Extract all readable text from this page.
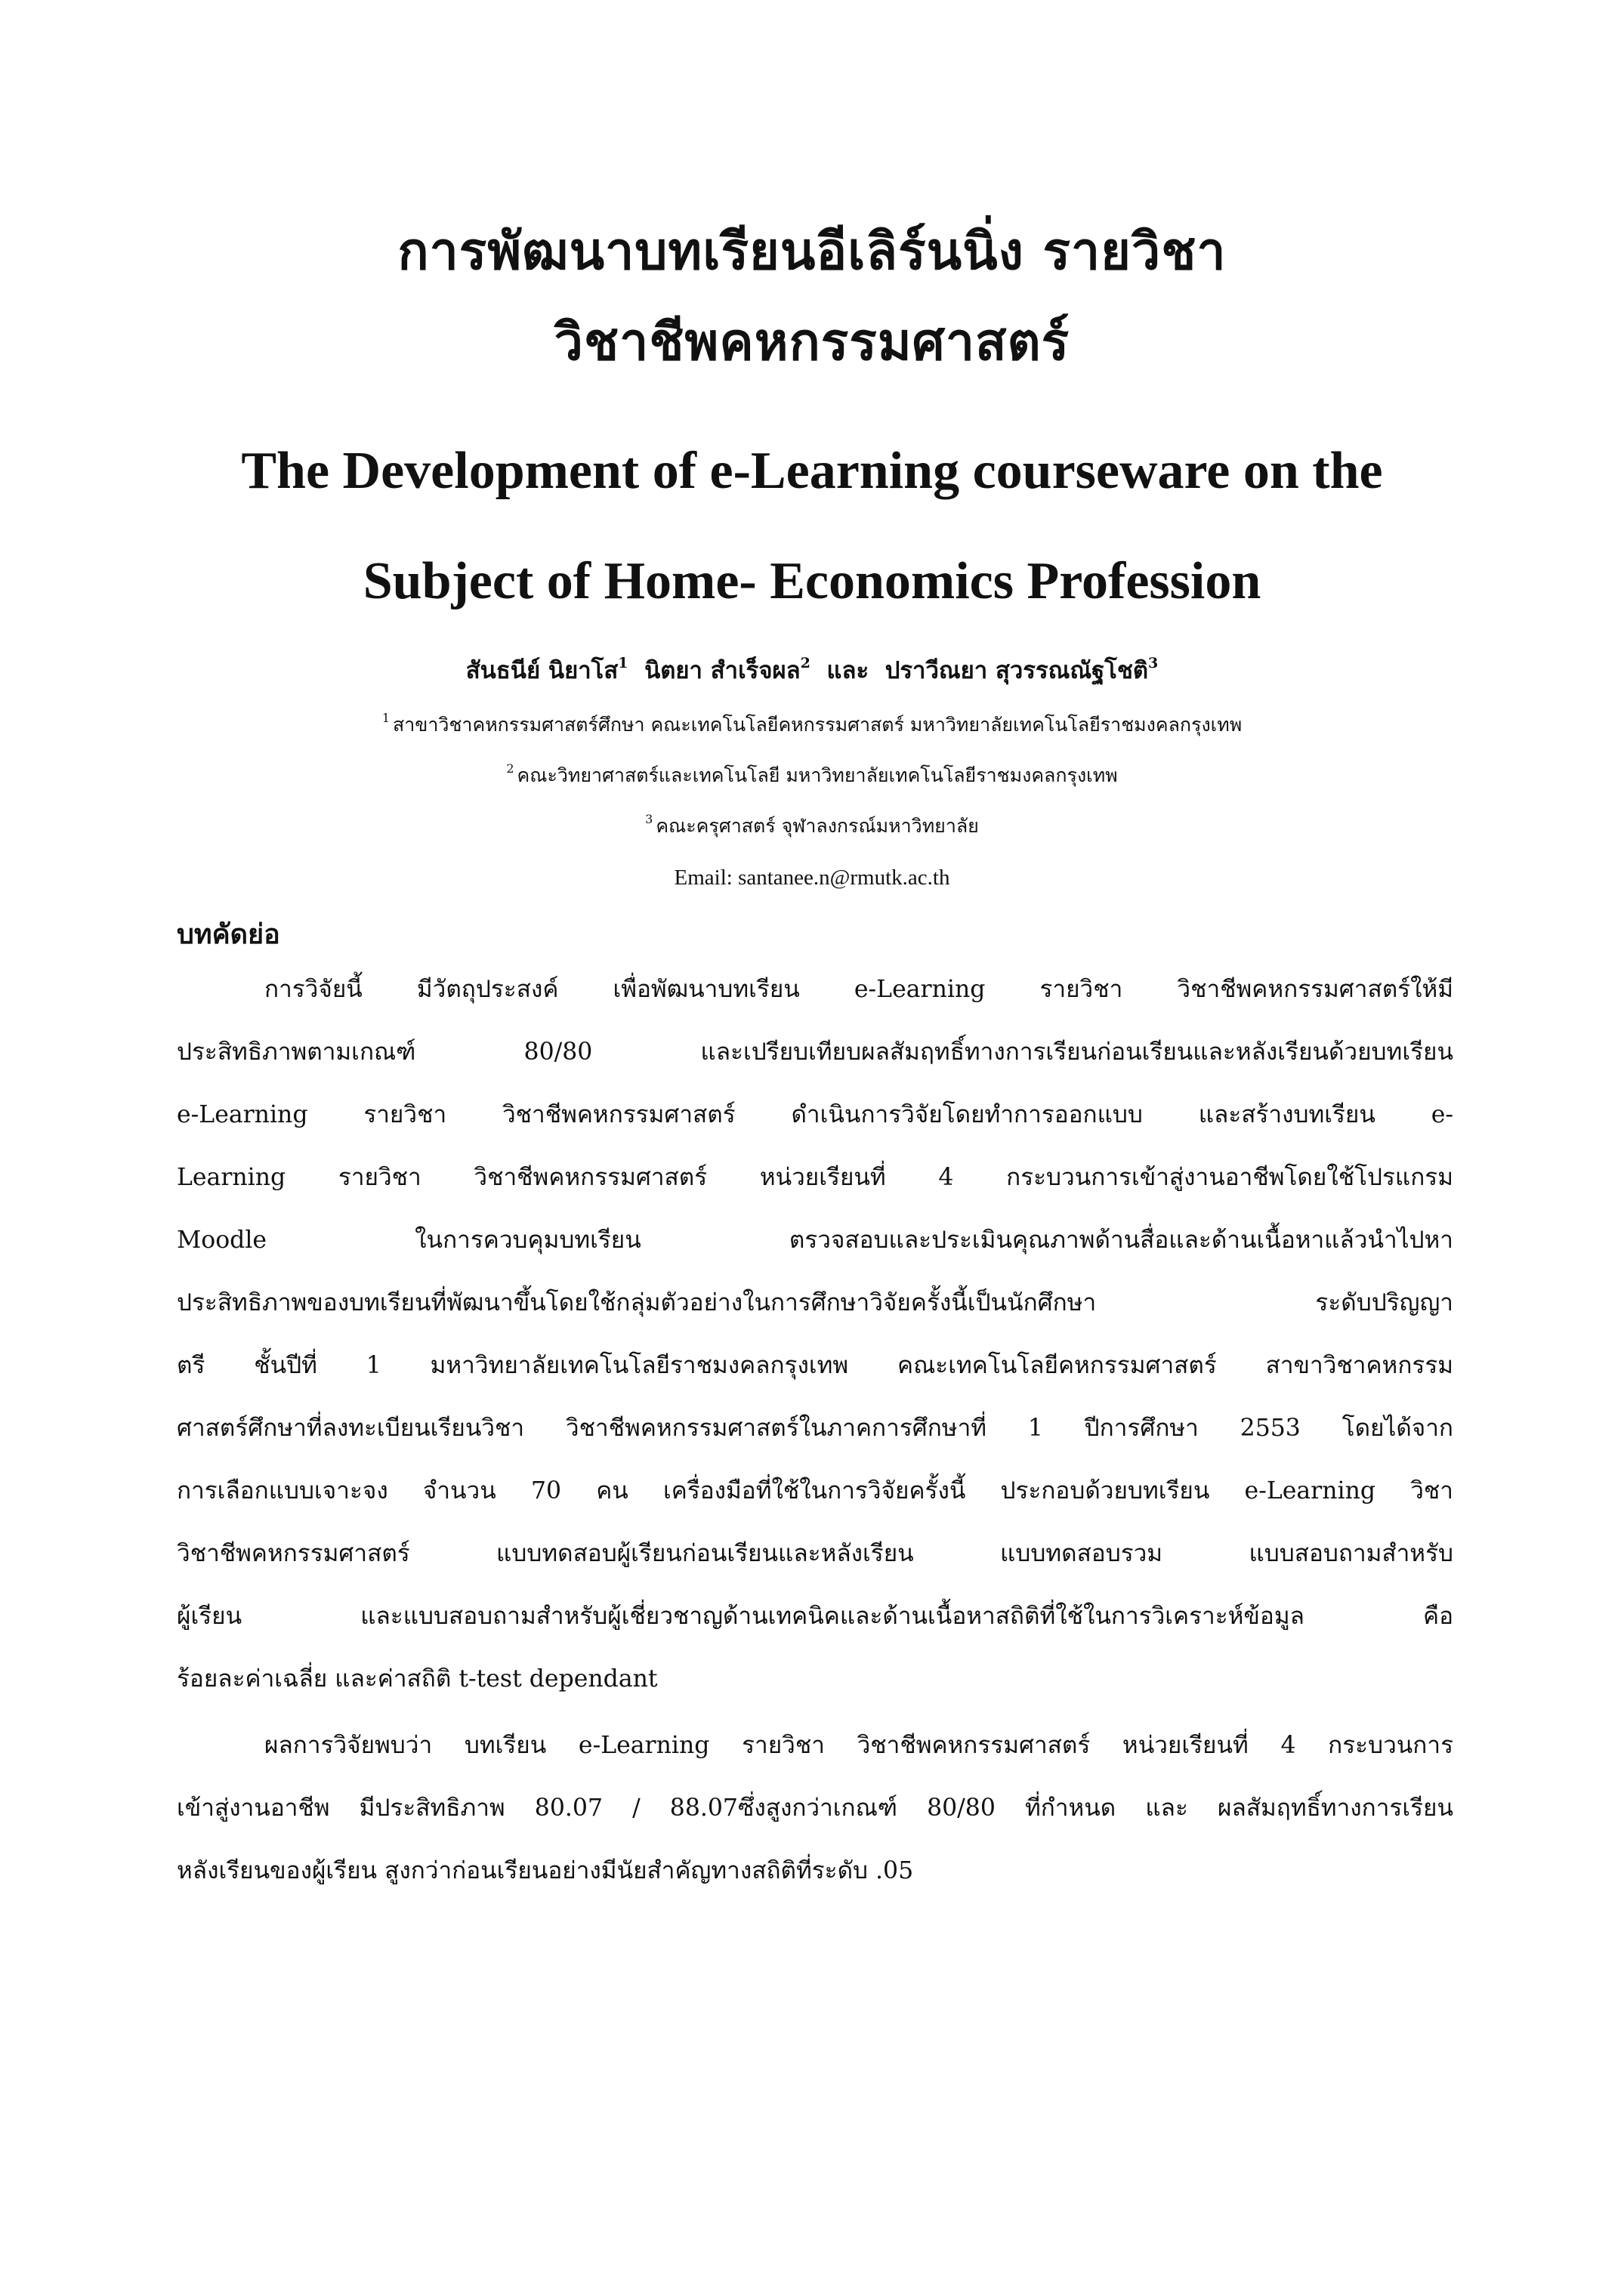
การพัฒนาบทเรียนอีเลิร์นนิ่ง รายวิชา
วิชาชีพคหกรรมศาสตร์
The Development of e-Learning courseware on the
Subject of Home- Economics Profession
สันธนีย์ นิยาโส$^1$ นิตยา สำเร็จผล$^2$  และ  ปราวีณยา สุวรรณณัฐโชติ$^3$
$^1$ สาขาวิชาคหกรรมศาสตร์ศึกษา คณะเทคโนโลยีคหกรรมศาสตร์ มหาวิทยาลัยเทคโนโลยีราชมงคลกรุงเทพ
$^2$ คณะวิทยาศาสตร์และเทคโนโลยี มหาวิทยาลัยเทคโนโลยีราชมงคลกรุงเทพ
$^3$ คณะครุศาสตร์ จุฬาลงกรณ์มหาวิทยาลัย
Email: santanee.n@rmutk.ac.th
บทคัดย่อ
การวิจัยนี้ มีวัตถุประสงค์ เพื่อพัฒนาบทเรียน e-Learning รายวิชา วิชาชีพคหกรรมศาสตร์ให้มี
ประสิทธิภาพตามเกณฑ์ 80/80 และเปรียบเทียบผลสัมฤทธิ์ทางการเรียนก่อนเรียนและหลังเรียนด้วยบทเรียน
e-Learning รายวิชา วิชาชีพคหกรรมศาสตร์ ดำเนินการวิจัยโดยทำการออกแบบ และสร้างบทเรียน e-
Learning รายวิชา วิชาชีพคหกรรมศาสตร์ หน่วยเรียนที่ 4 กระบวนการเข้าสู่งานอาชีพโดยใช้โปรแกรม
Moodle ในการควบคุมบทเรียน ตรวจสอบและประเมินคุณภาพด้านสื่อและด้านเนื้อหาแล้วนำไปหา
ประสิทธิภาพของบทเรียนที่พัฒนาขึ้นโดยใช้กลุ่มตัวอย่างในการศึกษาวิจัยครั้งนี้เป็นนักศึกษา ระดับปริญญา
ตรี ชั้นปีที่ 1 มหาวิทยาลัยเทคโนโลยีราชมงคลกรุงเทพ คณะเทคโนโลยีคหกรรมศาสตร์ สาขาวิชาคหกรรม
ศาสตร์ศึกษาที่ลงทะเบียนเรียนวิชา วิชาชีพคหกรรมศาสตร์ในภาคการศึกษาที่ 1 ปีการศึกษา 2553 โดยได้จาก
การเลือกแบบเจาะจง จำนวน 70 คน เครื่องมือที่ใช้ในการวิจัยครั้งนี้ ประกอบด้วยบทเรียน e-Learning วิชา
วิชาชีพคหกรรมศาสตร์ แบบทดสอบผู้เรียนก่อนเรียนและหลังเรียน แบบทดสอบรวม แบบสอบถามสำหรับ
ผู้เรียน และแบบสอบถามสำหรับผู้เชี่ยวชาญด้านเทคนิคและด้านเนื้อหาสถิติที่ใช้ในการวิเคราะห์ข้อมูล คือ
ร้อยละค่าเฉลี่ย และค่าสถิติ t-test dependant
ผลการวิจัยพบว่า บทเรียน e-Learning รายวิชา วิชาชีพคหกรรมศาสตร์ หน่วยเรียนที่ 4 กระบวนการ
เข้าสู่งานอาชีพ มีประสิทธิภาพ 80.07 / 88.07ซึ่งสูงกว่าเกณฑ์ 80/80 ที่กำหนด และ ผลสัมฤทธิ์ทางการเรียน
หลังเรียนของผู้เรียน สูงกว่าก่อนเรียนอย่างมีนัยสำคัญทางสถิติที่ระดับ .05
